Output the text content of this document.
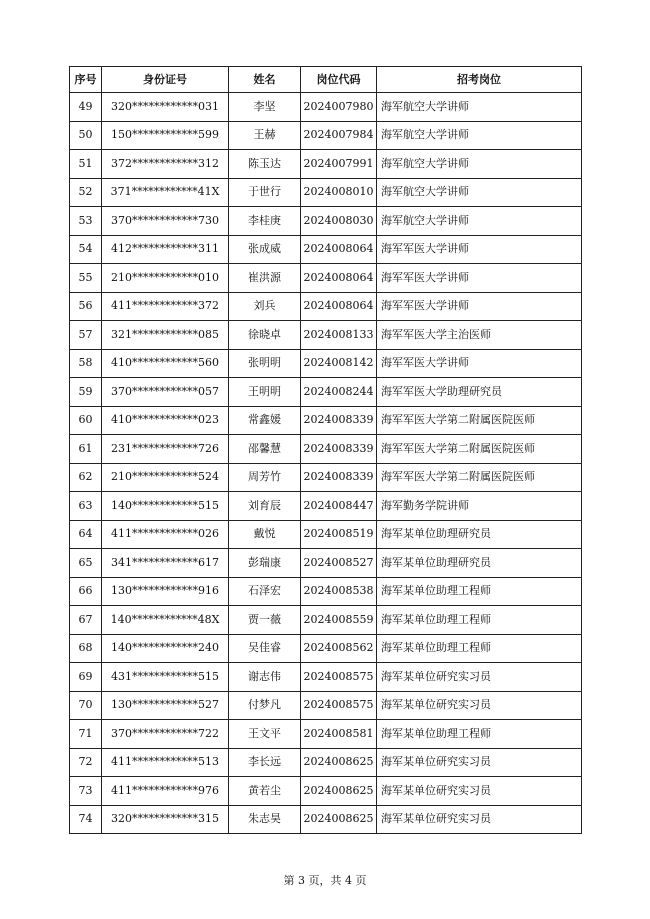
序号	身份证号	姓名	岗位代码	招考岗位
49	320************031	李坚	2024007980	海军航空大学讲师
50	150************599	王赫	2024007984	海军航空大学讲师
51	372************312	陈玉达	2024007991	海军航空大学讲师
52	371************41X	于世行	2024008010	海军航空大学讲师
53	370************730	李桂庚	2024008030	海军航空大学讲师
54	412************311	张成威	2024008064	海军军医大学讲师
55	210************010	崔洪源	2024008064	海军军医大学讲师
56	411************372	刘兵	2024008064	海军军医大学讲师
57	321************085	徐晓卓	2024008133	海军军医大学主治医师
58	410************560	张明明	2024008142	海军军医大学讲师
59	370************057	王明明	2024008244	海军军医大学助理研究员
60	410************023	常鑫媛	2024008339	海军军医大学第二附属医院医师
61	231************726	邵馨慧	2024008339	海军军医大学第二附属医院医师
62	210************524	周芳竹	2024008339	海军军医大学第二附属医院医师
63	140************515	刘育辰	2024008447	海军勤务学院讲师
64	411************026	戴悦	2024008519	海军某单位助理研究员
65	341************617	彭瑞康	2024008527	海军某单位助理研究员
66	130************916	石泽宏	2024008538	海军某单位助理工程师
67	140************48X	贾一薇	2024008559	海军某单位助理工程师
68	140************240	吴佳睿	2024008562	海军某单位助理工程师
69	431************515	谢志伟	2024008575	海军某单位研究实习员
70	130************527	付梦凡	2024008575	海军某单位研究实习员
71	370************722	王文平	2024008581	海军某单位助理工程师
72	411************513	李长远	2024008625	海军某单位研究实习员
73	411************976	黄若尘	2024008625	海军某单位研究实习员
74	320************315	朱志昊	2024008625	海军某单位研究实习员
第 3 页，共 4 页
